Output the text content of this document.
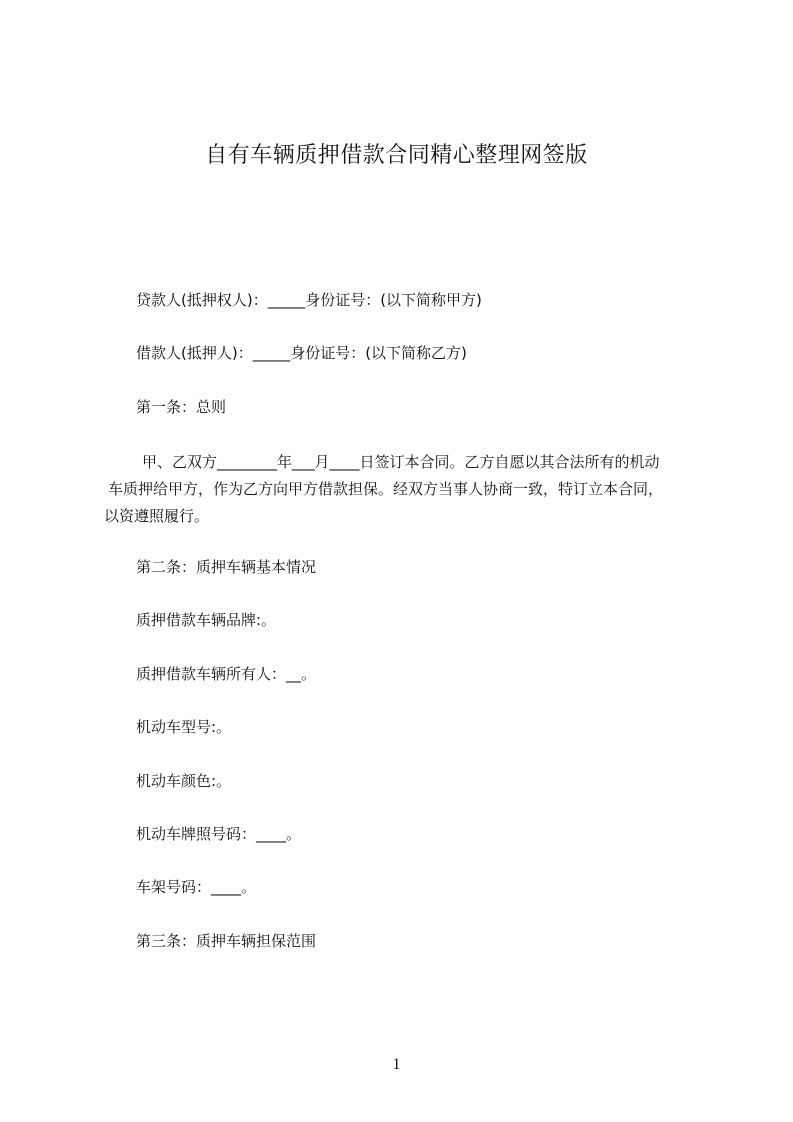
自有车辆质押借款合同精心整理网签版
贷款人(抵押权人)：_____身份证号：(以下简称甲方)
借款人(抵押人)：_____身份证号：(以下简称乙方)
第一条：总则
甲、乙双方________年___月____日签订本合同。乙方自愿以其合法所有的机动
车质押给甲方，作为乙方向甲方借款担保。经双方当事人协商一致，特订立本合同，
以资遵照履行。
第二条：质押车辆基本情况
质押借款车辆品牌:。
质押借款车辆所有人：__。
机动车型号:。
机动车颜色:。
机动车牌照号码：____。
车架号码：____。
第三条：质押车辆担保范围
1
